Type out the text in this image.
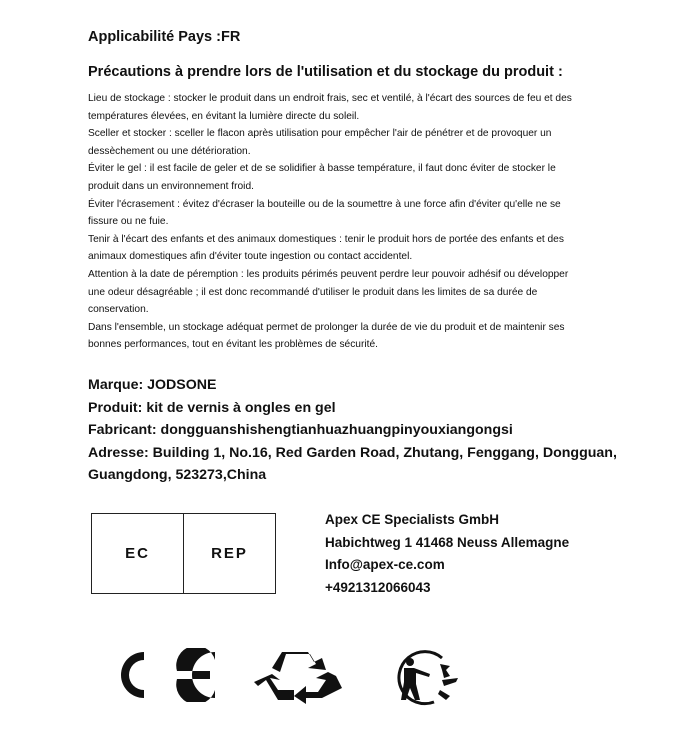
Applicabilité Pays :FR
Précautions à prendre lors de l'utilisation et du stockage du produit :
Lieu de stockage : stocker le produit dans un endroit frais, sec et ventilé, à l'écart des sources de feu et des
températures élevées, en évitant la lumière directe du soleil.
Sceller et stocker : sceller le flacon après utilisation pour empêcher l'air de pénétrer et de provoquer un
dessèchement ou une détérioration.
Éviter le gel : il est facile de geler et de se solidifier à basse température, il faut donc éviter de stocker le
produit dans un environnement froid.
Éviter l'écrasement : évitez d'écraser la bouteille ou de la soumettre à une force afin d'éviter qu'elle ne se
fissure ou ne fuie.
Tenir à l'écart des enfants et des animaux domestiques : tenir le produit hors de portée des enfants et des
animaux domestiques afin d'éviter toute ingestion ou contact accidentel.
Attention à la date de péremption : les produits périmés peuvent perdre leur pouvoir adhésif ou développer
une odeur désagréable ; il est donc recommandé d'utiliser le produit dans les limites de sa durée de
conservation.
Dans l'ensemble, un stockage adéquat permet de prolonger la durée de vie du produit et de maintenir ses
bonnes performances, tout en évitant les problèmes de sécurité.
Marque: JODSONE
Produit: kit de vernis à ongles en gel
Fabricant: dongguanshishengtianhuazhuangpinyouxiangongsi
Adresse: Building 1, No.16, Red Garden Road, Zhutang, Fenggang, Dongguan,
Guangdong, 523273,China
EC	REP
Apex CE Specialists GmbH
Habichtweg 1 41468 Neuss Allemagne
Info@apex-ce.com
+4921312066043
